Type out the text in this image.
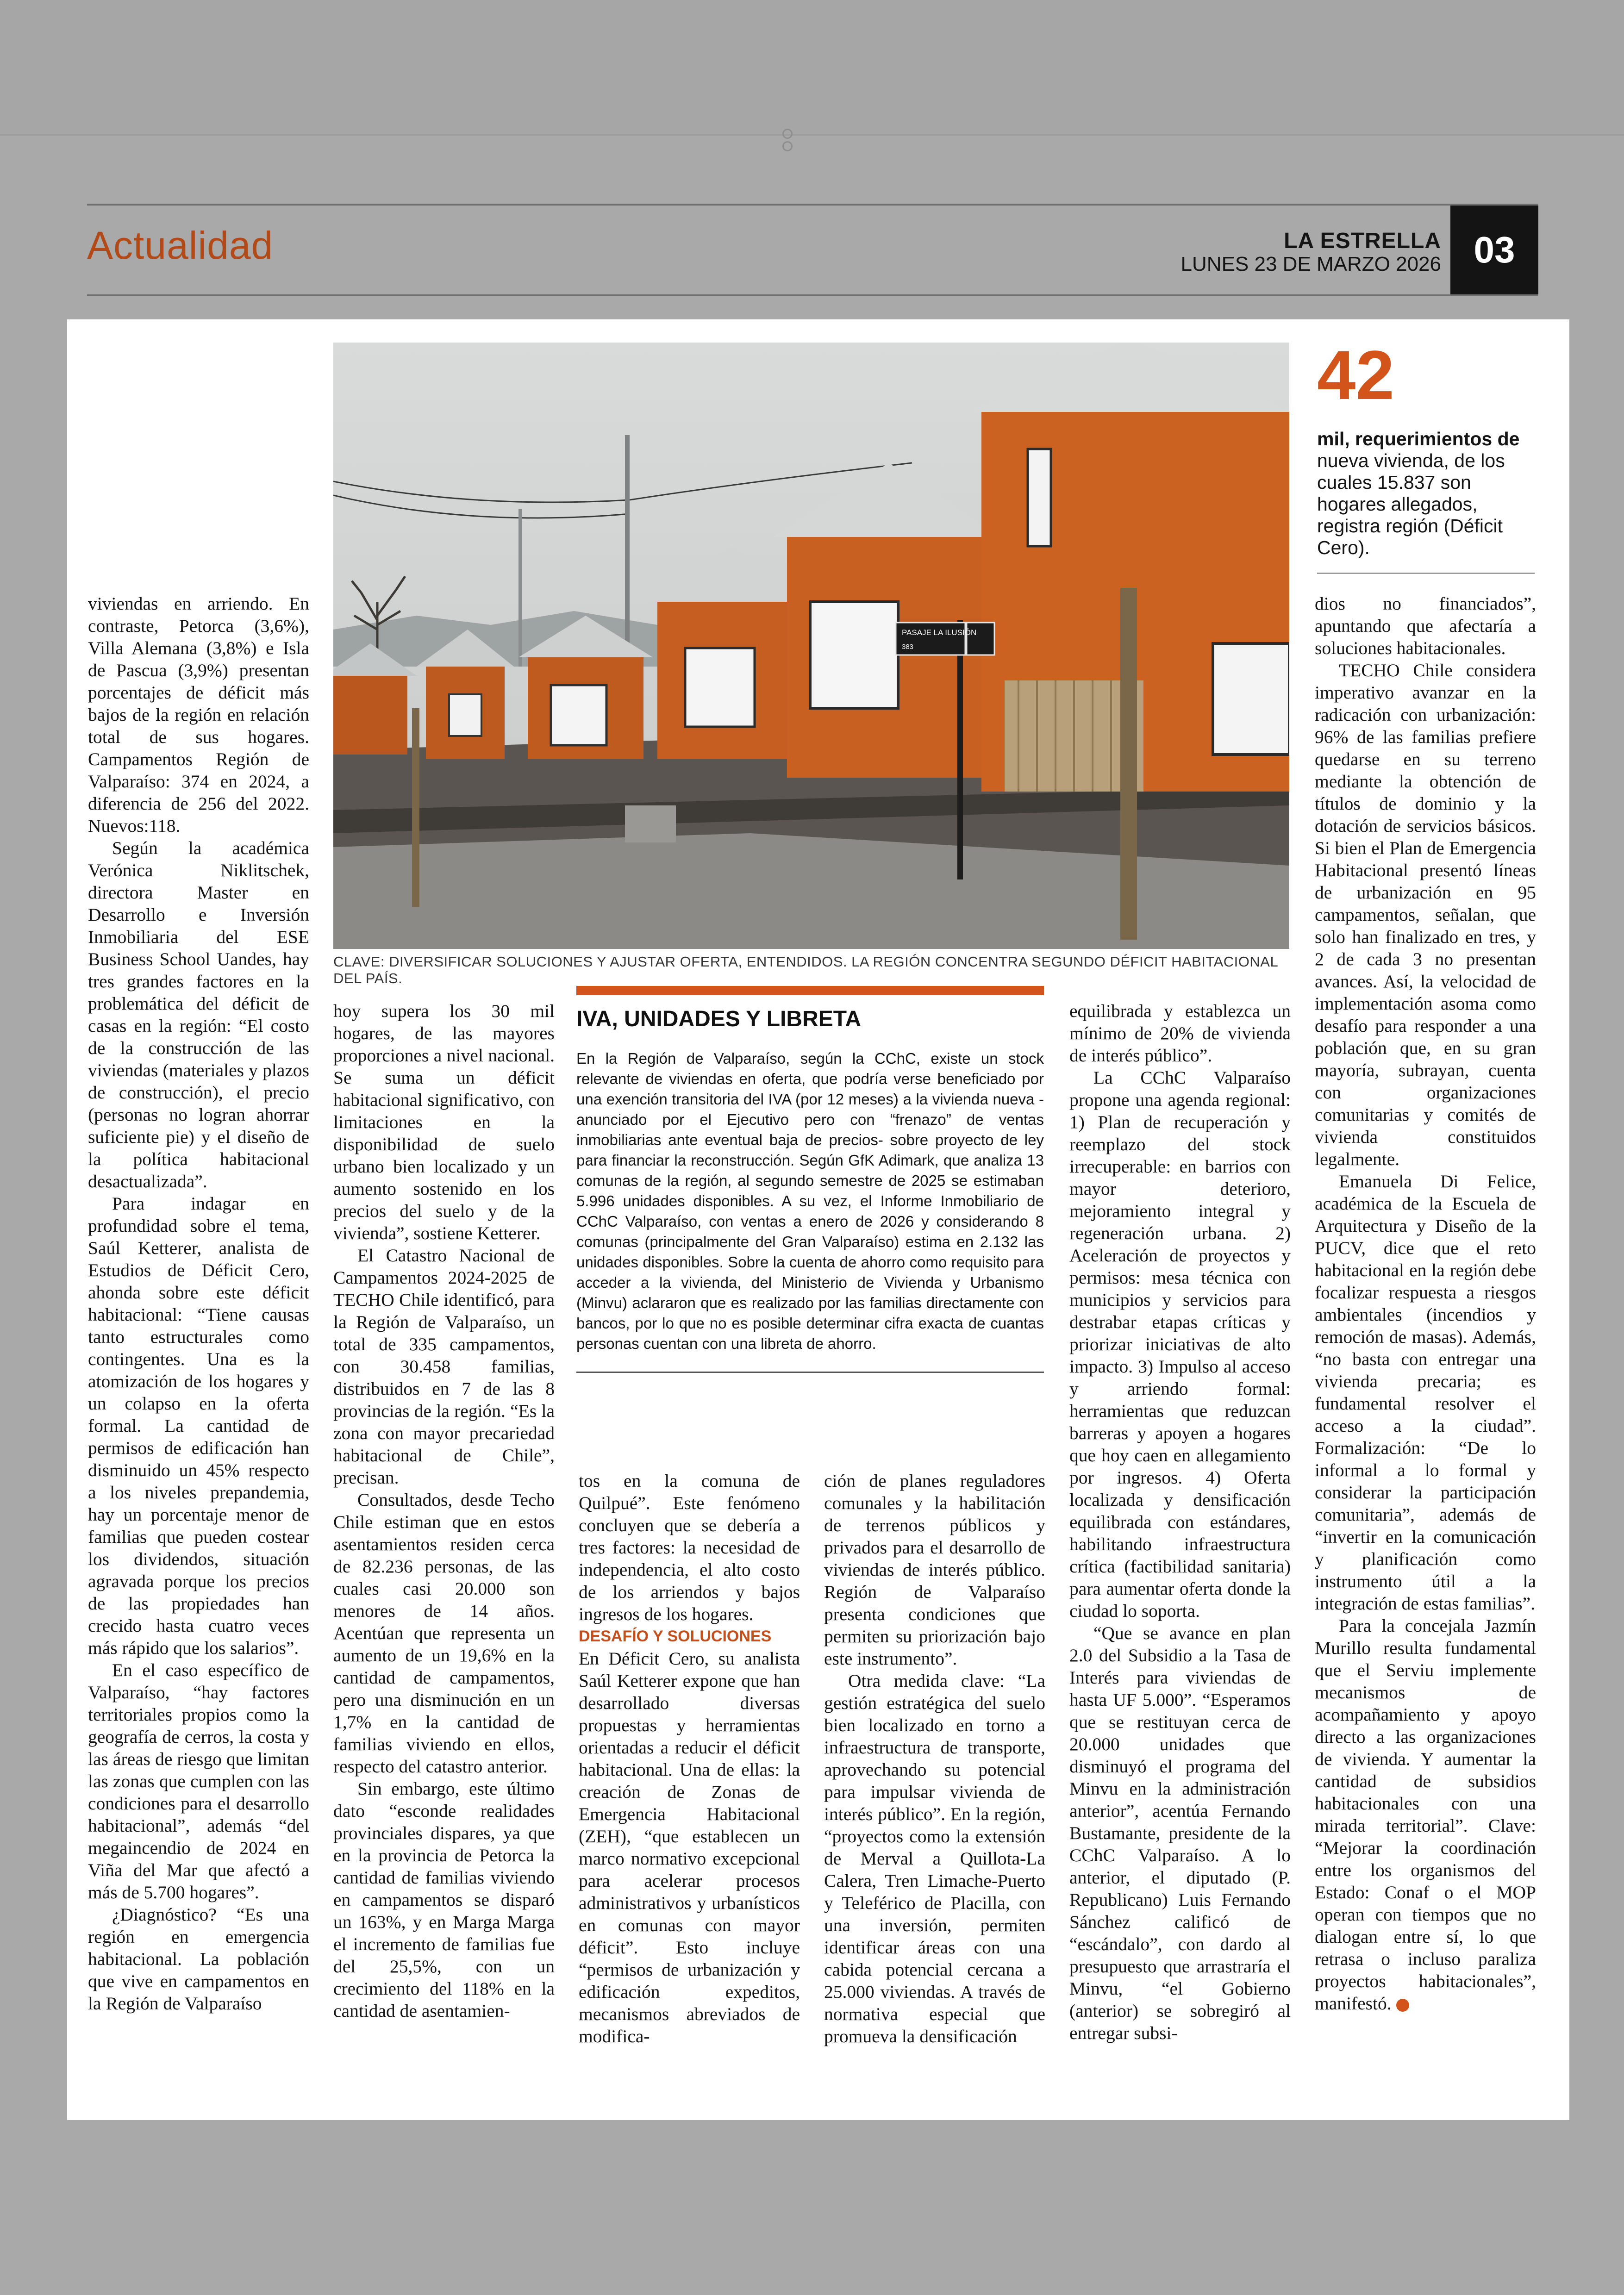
Actualidad	LA ESTRELLA
LUNES 23 DE MARZO 2026 03
PASAJE LA ILUSIÓN
383
CLAVE: DIVERSIFICAR SOLUCIONES Y AJUSTAR OFERTA, ENTENDIDOS. LA REGIÓN CONCENTRA SEGUNDO DÉFICIT HABITACIONAL DEL PAÍS.
42
mil, requerimientos de nueva vivienda, de los cuales 15.837 son hogares allegados, registra región (Déficit Cero).

viviendas en arriendo. En contraste, Petorca (3,6%), Villa Alemana (3,8%) e Isla de Pascua (3,9%) presentan porcentajes de déficit más bajos de la región en relación total de sus hogares. Campamentos Región de Valparaíso: 374 en 2024, a diferencia de 256 del 2022. Nuevos:118.

Según la académica Verónica Niklitschek, directora Master en Desarrollo e Inversión Inmobiliaria del ESE Business School Uandes, hay tres grandes factores en la problemática del déficit de casas en la región: “El costo de la construcción de las viviendas (materiales y plazos de construcción), el precio (personas no logran ahorrar suficiente pie) y el diseño de la política habitacional desactualizada”.

Para indagar en profundidad sobre el tema, Saúl Ketterer, analista de Estudios de Déficit Cero, ahonda sobre este déficit habitacional: “Tiene causas tanto estructurales como contingentes. Una es la atomización de los hogares y un colapso en la oferta formal. La cantidad de permisos de edificación han disminuido un 45% respecto a los niveles prepandemia, hay un porcentaje menor de familias que pueden costear los dividendos, situación agravada porque los precios de las propiedades han crecido hasta cuatro veces más rápido que los salarios”.

En el caso específico de Valparaíso, “hay factores territoriales propios como la geografía de cerros, la costa y las áreas de riesgo que limitan las zonas que cumplen con las condiciones para el desarrollo habitacional”, además “del megaincendio de 2024 en Viña del Mar que afectó a más de 5.700 hogares”.

¿Diagnóstico? “Es una región en emergencia habitacional. La población que vive en campamentos en la Región de Valparaíso

hoy supera los 30 mil hogares, de las mayores proporciones a nivel nacional. Se suma un déficit habitacional significativo, con limitaciones en la disponibilidad de suelo urbano bien localizado y un aumento sostenido en los precios del suelo y de la vivienda”, sostiene Ketterer.

El Catastro Nacional de Campamentos 2024-2025 de TECHO Chile identificó, para la Región de Valparaíso, un total de 335 campamentos, con 30.458 familias, distribuidos en 7 de las 8 provincias de la región. “Es la zona con mayor precariedad habitacional de Chile”, precisan.

Consultados, desde Techo Chile estiman que en estos asentamientos residen cerca de 82.236 personas, de las cuales casi 20.000 son menores de 14 años. Acentúan que representa un aumento de un 19,6% en la cantidad de campamentos, pero una disminución en un 1,7% en la cantidad de familias viviendo en ellos, respecto del catastro anterior.

Sin embargo, este último dato “esconde realidades provinciales dispares, ya que en la provincia de Petorca la cantidad de familias viviendo en campamentos se disparó un 163%, y en Marga Marga el incremento de familias fue del 25,5%, con un crecimiento del 118% en la cantidad de asentamien-

IVA, UNIDADES Y LIBRETA
En la Región de Valparaíso, según la CChC, existe un stock relevante de viviendas en oferta, que podría verse beneficiado por una exención transitoria del IVA (por 12 meses) a la vivienda nueva -anunciado por el Ejecutivo pero con “frenazo” de ventas inmobiliarias ante eventual baja de precios- sobre proyecto de ley para financiar la reconstrucción. Según GfK Adimark, que analiza 13 comunas de la región, al segundo semestre de 2025 se estimaban 5.996 unidades disponibles. A su vez, el Informe Inmobiliario de CChC Valparaíso, con ventas a enero de 2026 y considerando 8 comunas (principalmente del Gran Valparaíso) estima en 2.132 las unidades disponibles. Sobre la cuenta de ahorro como requisito para acceder a la vivienda, del Ministerio de Vivienda y Urbanismo (Minvu) aclararon que es realizado por las familias directamente con bancos, por lo que no es posible determinar cifra exacta de cuantas personas cuentan con una libreta de ahorro.

tos en la comuna de Quilpué”. Este fenómeno concluyen que se debería a tres factores: la necesidad de independencia, el alto costo de los arriendos y bajos ingresos de los hogares.

DESAFÍO Y SOLUCIONES

En Déficit Cero, su analista Saúl Ketterer expone que han desarrollado diversas propuestas y herramientas orientadas a reducir el déficit habitacional. Una de ellas: la creación de Zonas de Emergencia Habitacional (ZEH), “que establecen un marco normativo excepcional para acelerar procesos administrativos y urbanísticos en comunas con mayor déficit”. Esto incluye “permisos de urbanización y edificación expeditos, mecanismos abreviados de modifica-

ción de planes reguladores comunales y la habilitación de terrenos públicos y privados para el desarrollo de viviendas de interés público. Región de Valparaíso presenta condiciones que permiten su priorización bajo este instrumento”.

Otra medida clave: “La gestión estratégica del suelo bien localizado en torno a infraestructura de transporte, aprovechando su potencial para impulsar vivienda de interés público”. En la región, “proyectos como la extensión de Merval a Quillota-La Calera, Tren Limache-Puerto y Teleférico de Placilla, con una inversión, permiten identificar áreas con una cabida potencial cercana a 25.000 viviendas. A través de normativa especial que promueva la densificación

equilibrada y establezca un mínimo de 20% de vivienda de interés público”.

La CChC Valparaíso propone una agenda regional: 1) Plan de recuperación y reemplazo del stock irrecuperable: en barrios con mayor deterioro, mejoramiento integral y regeneración urbana. 2) Aceleración de proyectos y permisos: mesa técnica con municipios y servicios para destrabar etapas críticas y priorizar iniciativas de alto impacto. 3) Impulso al acceso y arriendo formal: herramientas que reduzcan barreras y apoyen a hogares que hoy caen en allegamiento por ingresos. 4) Oferta localizada y densificación equilibrada con estándares, habilitando infraestructura crítica (factibilidad sanitaria) para aumentar oferta donde la ciudad lo soporta.

“Que se avance en plan 2.0 del Subsidio a la Tasa de Interés para viviendas de hasta UF 5.000”. “Esperamos que se restituyan cerca de 20.000 unidades que disminuyó el programa del Minvu en la administración anterior”, acentúa Fernando Bustamante, presidente de la CChC Valparaíso. A lo anterior, el diputado (P. Republicano) Luis Fernando Sánchez calificó de “escándalo”, con dardo al presupuesto que arrastraría el Minvu, “el Gobierno (anterior) se sobregiró al entregar subsi-

dios no financiados”, apuntando que afectaría a soluciones habitacionales.

TECHO Chile considera imperativo avanzar en la radicación con urbanización: 96% de las familias prefiere quedarse en su terreno mediante la obtención de títulos de dominio y la dotación de servicios básicos. Si bien el Plan de Emergencia Habitacional presentó líneas de urbanización en 95 campamentos, señalan, que solo han finalizado en tres, y 2 de cada 3 no presentan avances. Así, la velocidad de implementación asoma como desafío para responder a una población que, en su gran mayoría, subrayan, cuenta con organizaciones comunitarias y comités de vivienda constituidos legalmente.

Emanuela Di Felice, académica de la Escuela de Arquitectura y Diseño de la PUCV, dice que el reto habitacional en la región debe focalizar respuesta a riesgos ambientales (incendios y remoción de masas). Además, “no basta con entregar una vivienda precaria; es fundamental resolver el acceso a la ciudad”. Formalización: “De lo informal a lo formal y considerar la participación comunitaria”, además de “invertir en la comunicación y planificación como instrumento útil a la integración de estas familias”.

Para la concejala Jazmín Murillo resulta fundamental que el Serviu implemente mecanismos de acompañamiento y apoyo directo a las organizaciones de vivienda. Y aumentar la cantidad de subsidios habitacionales con una mirada territorial”. Clave: “Mejorar la coordinación entre los organismos del Estado: Conaf o el MOP operan con tiempos que no dialogan entre sí, lo que retrasa o incluso paraliza proyectos habitacionales”, manifestó.
